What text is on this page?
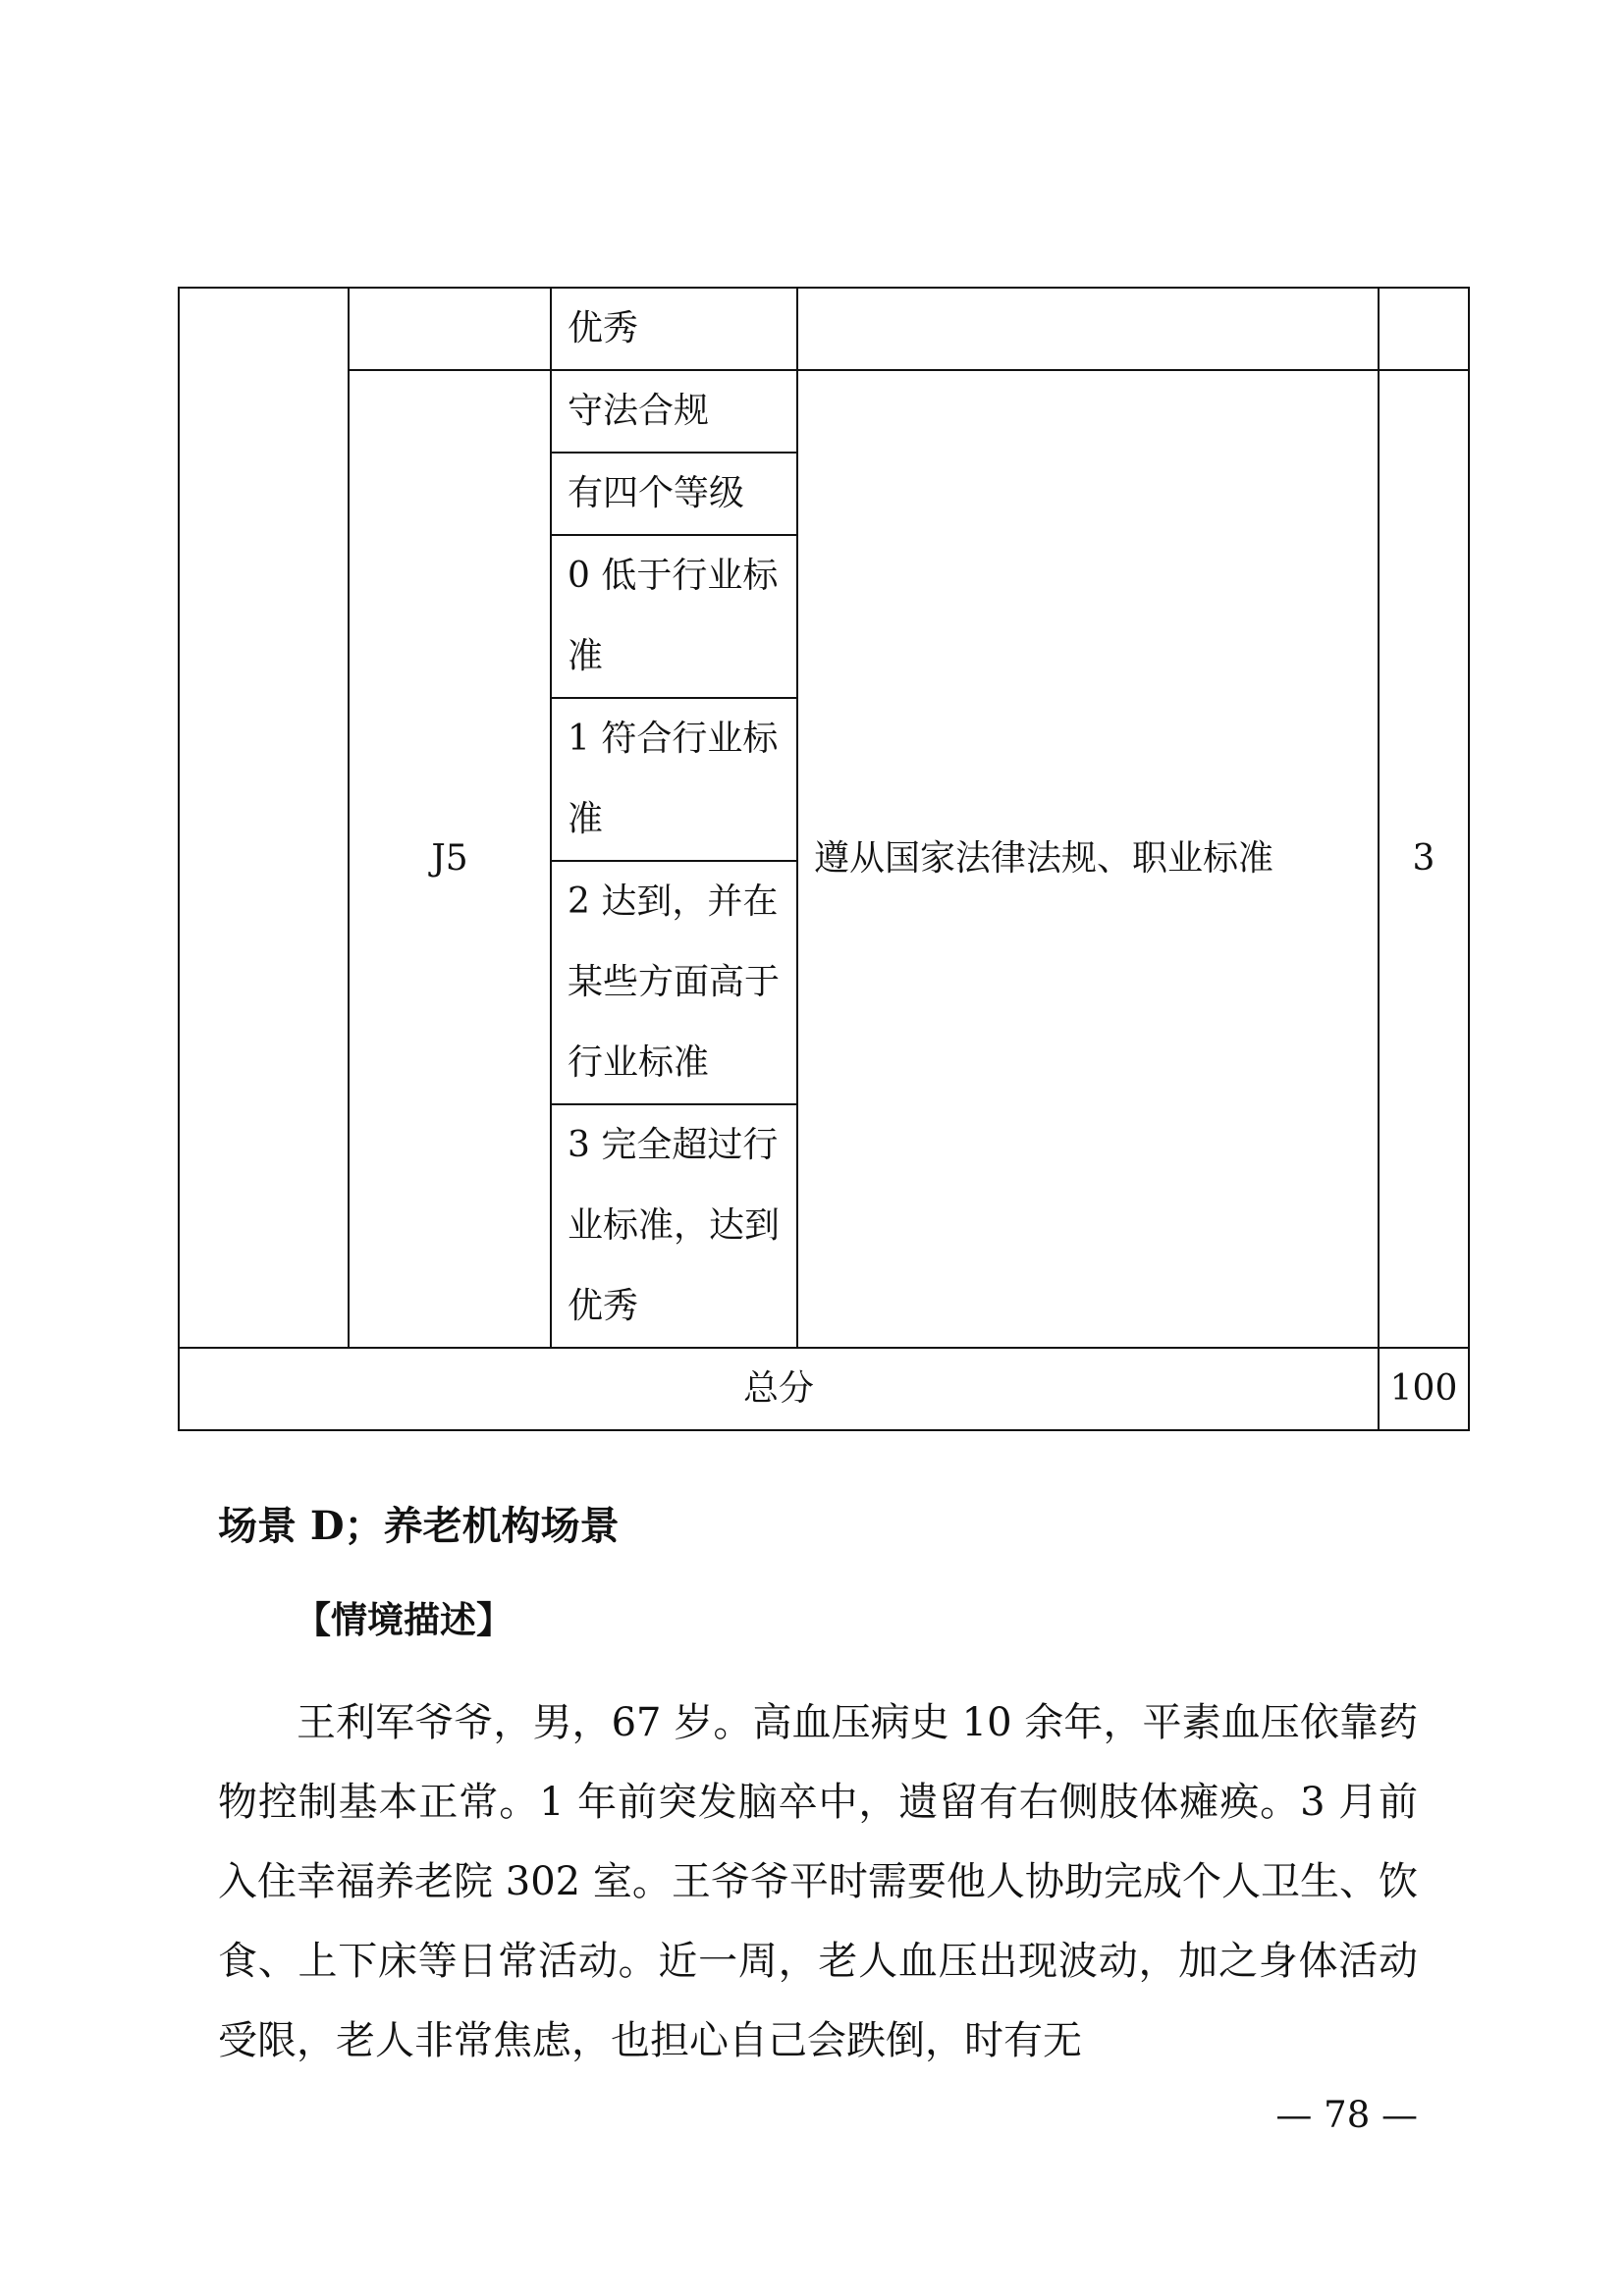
		优秀		
	J5	守法合规	遵从国家法律法规、职业标准	3
		有四个等级		
		0 低于行业标准		
		1 符合行业标准		
		2 达到，并在某些方面高于行业标准		
		3 完全超过行业标准，达到优秀		
总分				100
场景 D；养老机构场景
【情境描述】

王利军爷爷，男，67 岁。高血压病史 10 余年，平素血压依靠药物控制基本正常。1 年前突发脑卒中，遗留有右侧肢体瘫痪。3 月前入住幸福养老院 302 室。王爷爷平时需要他人协助完成个人卫生、饮食、上下床等日常活动。近一周，老人血压出现波动，加之身体活动受限，老人非常焦虑，也担心自己会跌倒，时有无

— 78 —
